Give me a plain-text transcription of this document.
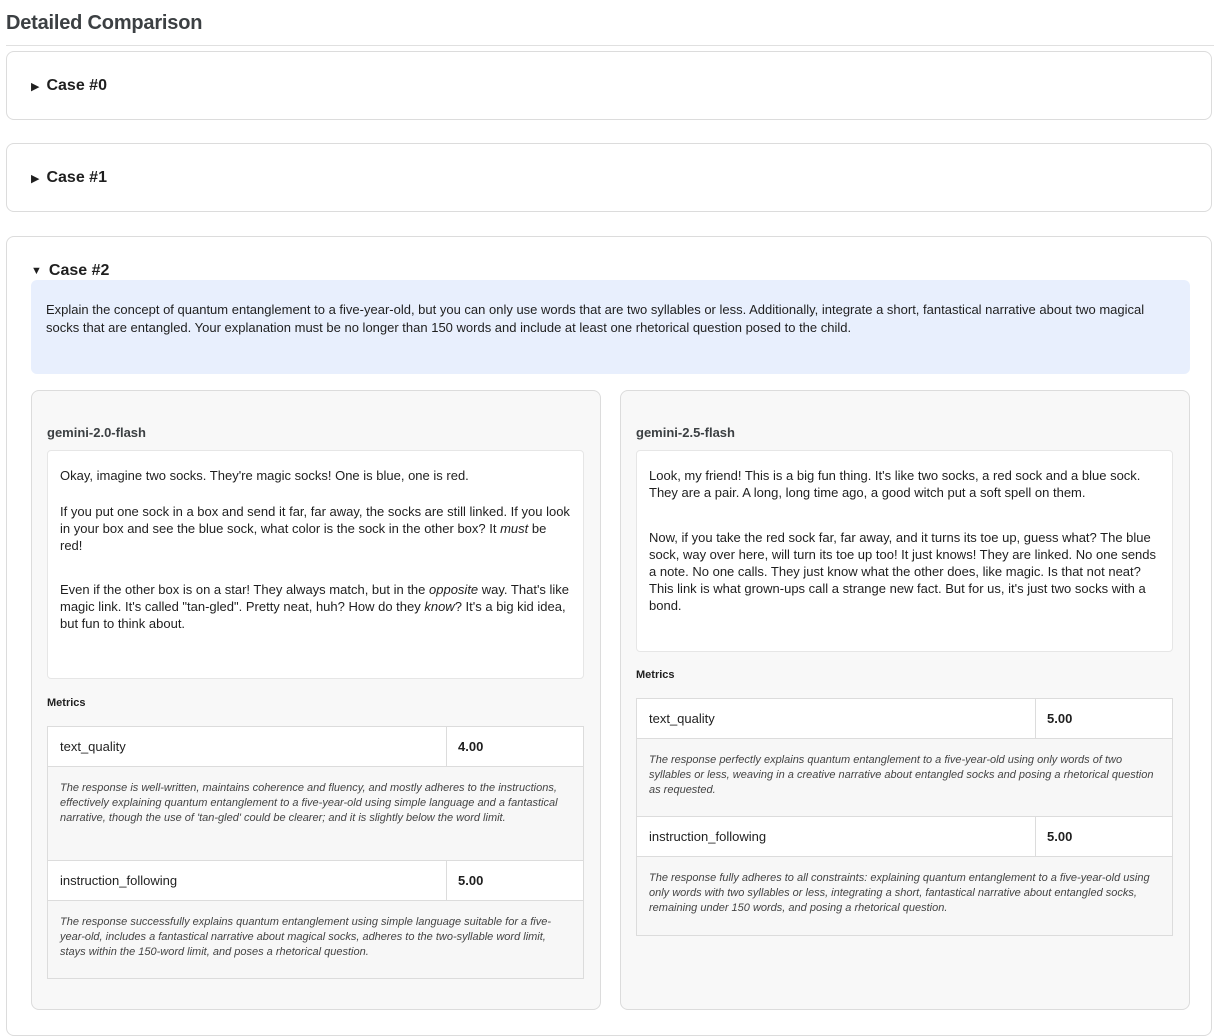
Detailed Comparison
▶ Case #0
▶ Case #1
▼ Case #2
Explain the concept of quantum entanglement to a five-year-old, but you can only use words that are two syllables or less. Additionally, integrate a short, fantastical narrative about two magical socks that are entangled. Your explanation must be no longer than 150 words and include at least one rhetorical question posed to the child.
gemini-2.0-flash

Okay, imagine two socks. They're magic socks! One is blue, one is red.

If you put one sock in a box and send it far, far away, the socks are still linked. If you look in your box and see the blue sock, what color is the sock in the other box? It must be red!

Even if the other box is on a star! They always match, but in the opposite way. That's like magic link. It's called "tan-gled". Pretty neat, huh? How do they know? It's a big kid idea, but fun to think about.

Metrics
text_quality	4.00
The response is well-written, maintains coherence and fluency, and mostly adheres to the instructions, effectively explaining quantum entanglement to a five-year-old using simple language and a fantastical narrative, though the use of 'tan-gled' could be clearer; and it is slightly below the word limit.
instruction_following	5.00
The response successfully explains quantum entanglement using simple language suitable for a five-year-old, includes a fantastical narrative about magical socks, adheres to the two-syllable word limit, stays within the 150-word limit, and poses a rhetorical question.
gemini-2.5-flash

Look, my friend! This is a big fun thing. It's like two socks, a red sock and a blue sock. They are a pair. A long, long time ago, a good witch put a soft spell on them.

Now, if you take the red sock far, far away, and it turns its toe up, guess what? The blue sock, way over here, will turn its toe up too! It just knows! They are linked. No one sends a note. No one calls. They just know what the other does, like magic. Is that not neat? This link is what grown-ups call a strange new fact. But for us, it's just two socks with a bond.

Metrics
text_quality	5.00
The response perfectly explains quantum entanglement to a five-year-old using only words of two syllables or less, weaving in a creative narrative about entangled socks and posing a rhetorical question as requested.
instruction_following	5.00
The response fully adheres to all constraints: explaining quantum entanglement to a five-year-old using only words with two syllables or less, integrating a short, fantastical narrative about entangled socks, remaining under 150 words, and posing a rhetorical question.
